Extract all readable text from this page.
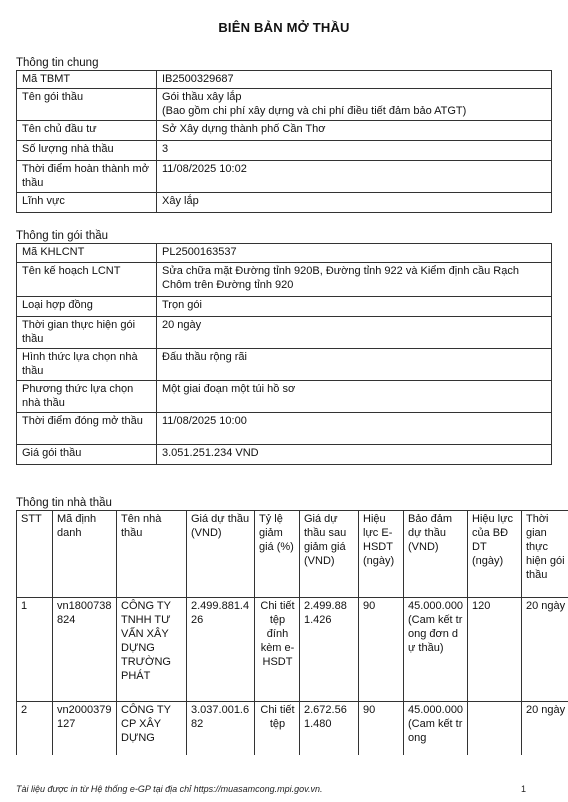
BIÊN BẢN MỞ THẦU
Thông tin chung
Mã TBMT	IB2500329687
Tên gói thầu	Gói thầu xây lắp
(Bao gồm chi phí xây dựng và chi phí điều tiết đảm bảo ATGT)
Tên chủ đầu tư	Sở Xây dựng thành phố Cần Thơ
Số lượng nhà thầu	3
Thời điểm hoàn thành mở thầu	11/08/2025 10:02
Lĩnh vực	Xây lắp
Thông tin gói thầu
Mã KHLCNT	PL2500163537
Tên kế hoạch LCNT	Sửa chữa mặt Đường tỉnh 920B, Đường tỉnh 922 và Kiểm định cầu Rạch Chôm trên Đường tỉnh 920
Loại hợp đồng	Trọn gói
Thời gian thực hiện gói thầu	20 ngày
Hình thức lựa chọn nhà thầu	Đấu thầu rộng rãi
Phương thức lựa chọn nhà thầu	Một giai đoạn một túi hồ sơ
Thời điểm đóng mở thầu	11/08/2025 10:00
Giá gói thầu	3.051.251.234 VND
Thông tin nhà thầu
STT	Mã định danh	Tên nhà thầu	Giá dự thầu (VND)	Tỷ lệ giảm giá (%)	Giá dự thầu sau giảm giá (VND)	Hiệu lực E-HSDT (ngày)	Bảo đảm dự thầu (VND)	Hiệu lực của BĐ DT (ngày)	Thời gian thực hiện gói thầu
1	vn1800738824	CÔNG TY TNHH TƯ VẤN XÂY DỰNG TRƯỜNG PHÁT	2.499.881.426	Chi tiết tệp đính kèm e-HSDT	2.499.881.426	90	45.000.000 (Cam kết trong đơn dự thầu)	120	20 ngày
2	vn2000379127	CÔNG TY CP XÂY DỰNG	3.037.001.682	Chi tiết tệp	2.672.561.480	90	45.000.000 (Cam kết trong		20 ngày
Tài liệu được in từ Hệ thống e-GP tại địa chỉ https://muasamcong.mpi.gov.vn.	1
